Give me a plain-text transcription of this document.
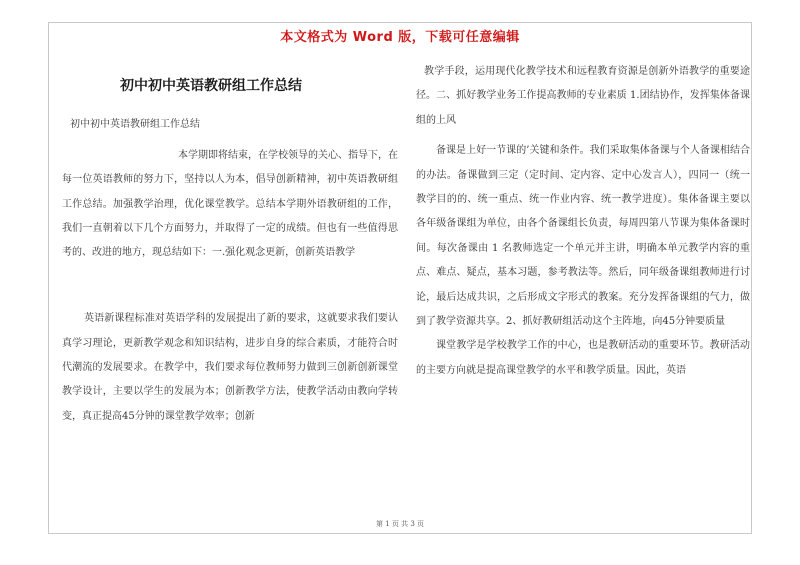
本文格式为 Word 版，下载可任意编辑
初中初中英语教研组工作总结
初中初中英语教研组工作总结

本学期即将结束，在学校领导的关心、指导下，在每一位英语教师的努力下，坚持以人为本，倡导创新精神，初中英语教研组工作总结。加强教学治理，优化课堂教学。总结本学期外语教研组的工作，我们一直朝着以下几个方面努力，并取得了一定的成绩。但也有一些值得思考的、改进的地方，现总结如下：一.强化观念更新，创新英语教学

英语新课程标准对英语学科的发展提出了新的要求，这就要求我们要认真学习理论，更新教学观念和知识结构，进步自身的综合素质，才能符合时代潮流的发展要求。在教学中，我们要求每位教师努力做到三创新创新课堂教学设计，主要以学生的发展为本；创新教学方法，使教学活动由教向学转变，真正提高45分钟的课堂教学效率；创新

教学手段，运用现代化教学技术和远程教育资源是创新外语教学的重要途径。二、抓好教学业务工作提高教师的专业素质 1.团结协作，发挥集体备课组的上风

备课是上好一节课的’关键和条件。我们采取集体备课与个人备课相结合的办法。备课做到三定（定时间、定内容、定中心发言人），四同一（统一教学目的的、统一重点、统一作业内容、统一教学进度）。集体备课主要以各年级备课组为单位，由各个备课组长负责，每周四第八节课为集体备课时间。每次备课由 1 名教师选定一个单元并主讲，明确本单元教学内容的重点、难点、疑点，基本习题，参考教法等。然后，同年级备课组教师进行讨论，最后达成共识，之后形成文字形式的教案。充分发挥备课组的气力，做到了教学资源共享。2、抓好教研组活动这个主阵地，向45分钟要质量

课堂教学是学校教学工作的中心，也是教研活动的重要环节。教研活动的主要方向就是提高课堂教学的水平和教学质量。因此，英语

第 1 页 共 3 页
